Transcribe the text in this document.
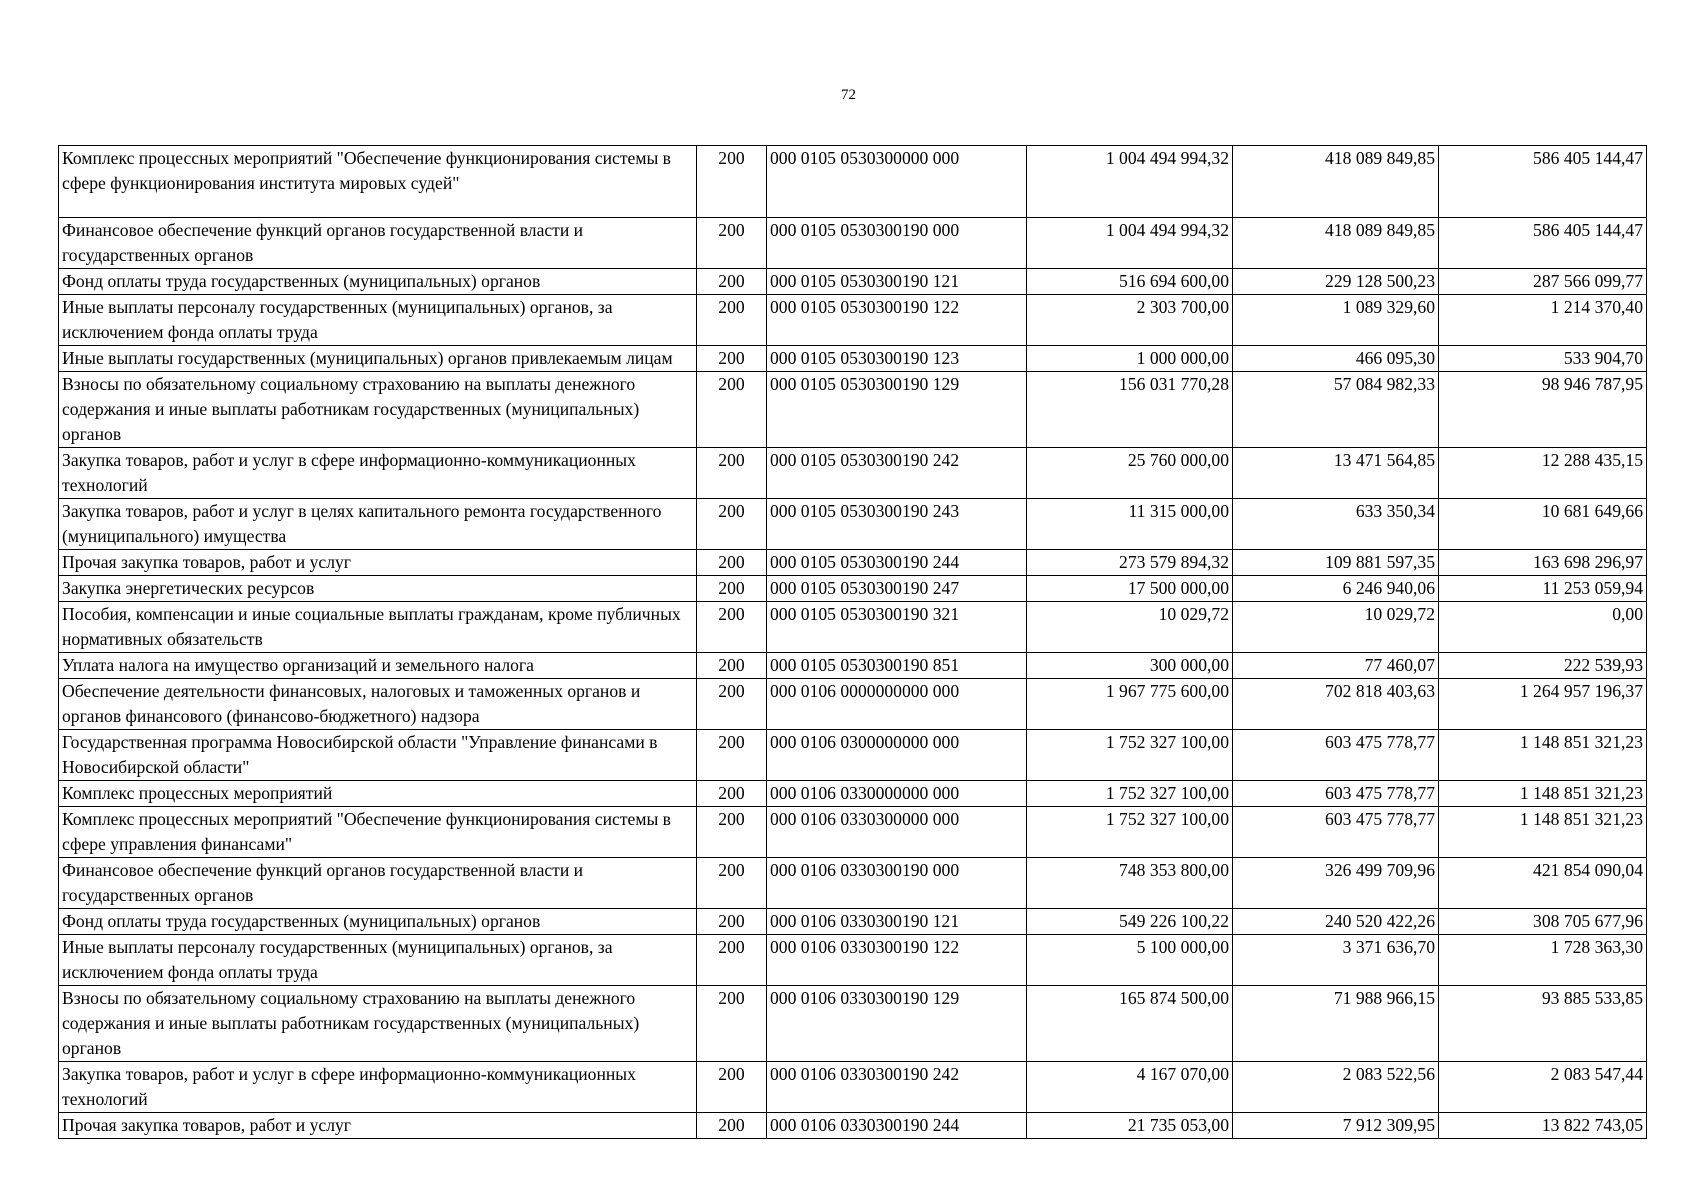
72
Комплекс процессных мероприятий "Обеспечение функционирования системы в сфере функционирования института мировых судей"	200	000 0105 0530300000 000	1 004 494 994,32	418 089 849,85	586 405 144,47
Финансовое обеспечение функций органов государственной власти и государственных органов	200	000 0105 0530300190 000	1 004 494 994,32	418 089 849,85	586 405 144,47
Фонд оплаты труда государственных (муниципальных) органов	200	000 0105 0530300190 121	516 694 600,00	229 128 500,23	287 566 099,77
Иные выплаты персоналу государственных (муниципальных) органов, за исключением фонда оплаты труда	200	000 0105 0530300190 122	2 303 700,00	1 089 329,60	1 214 370,40
Иные выплаты государственных (муниципальных) органов привлекаемым лицам	200	000 0105 0530300190 123	1 000 000,00	466 095,30	533 904,70
Взносы по обязательному социальному страхованию на выплаты денежного содержания и иные выплаты работникам государственных (муниципальных) органов	200	000 0105 0530300190 129	156 031 770,28	57 084 982,33	98 946 787,95
Закупка товаров, работ и услуг в сфере информационно-коммуникационных технологий	200	000 0105 0530300190 242	25 760 000,00	13 471 564,85	12 288 435,15
Закупка товаров, работ и услуг в целях капитального ремонта государственного (муниципального) имущества	200	000 0105 0530300190 243	11 315 000,00	633 350,34	10 681 649,66
Прочая закупка товаров, работ и услуг	200	000 0105 0530300190 244	273 579 894,32	109 881 597,35	163 698 296,97
Закупка энергетических ресурсов	200	000 0105 0530300190 247	17 500 000,00	6 246 940,06	11 253 059,94
Пособия, компенсации и иные социальные выплаты гражданам, кроме публичных нормативных обязательств	200	000 0105 0530300190 321	10 029,72	10 029,72	0,00
Уплата налога на имущество организаций и земельного налога	200	000 0105 0530300190 851	300 000,00	77 460,07	222 539,93
Обеспечение деятельности финансовых, налоговых и таможенных органов и органов финансового (финансово-бюджетного) надзора	200	000 0106 0000000000 000	1 967 775 600,00	702 818 403,63	1 264 957 196,37
Государственная программа Новосибирской области "Управление финансами в Новосибирской области"	200	000 0106 0300000000 000	1 752 327 100,00	603 475 778,77	1 148 851 321,23
Комплекс процессных мероприятий	200	000 0106 0330000000 000	1 752 327 100,00	603 475 778,77	1 148 851 321,23
Комплекс процессных мероприятий "Обеспечение функционирования системы в сфере управления финансами"	200	000 0106 0330300000 000	1 752 327 100,00	603 475 778,77	1 148 851 321,23
Финансовое обеспечение функций органов государственной власти и государственных органов	200	000 0106 0330300190 000	748 353 800,00	326 499 709,96	421 854 090,04
Фонд оплаты труда государственных (муниципальных) органов	200	000 0106 0330300190 121	549 226 100,22	240 520 422,26	308 705 677,96
Иные выплаты персоналу государственных (муниципальных) органов, за исключением фонда оплаты труда	200	000 0106 0330300190 122	5 100 000,00	3 371 636,70	1 728 363,30
Взносы по обязательному социальному страхованию на выплаты денежного содержания и иные выплаты работникам государственных (муниципальных) органов	200	000 0106 0330300190 129	165 874 500,00	71 988 966,15	93 885 533,85
Закупка товаров, работ и услуг в сфере информационно-коммуникационных технологий	200	000 0106 0330300190 242	4 167 070,00	2 083 522,56	2 083 547,44
Прочая закупка товаров, работ и услуг	200	000 0106 0330300190 244	21 735 053,00	7 912 309,95	13 822 743,05
